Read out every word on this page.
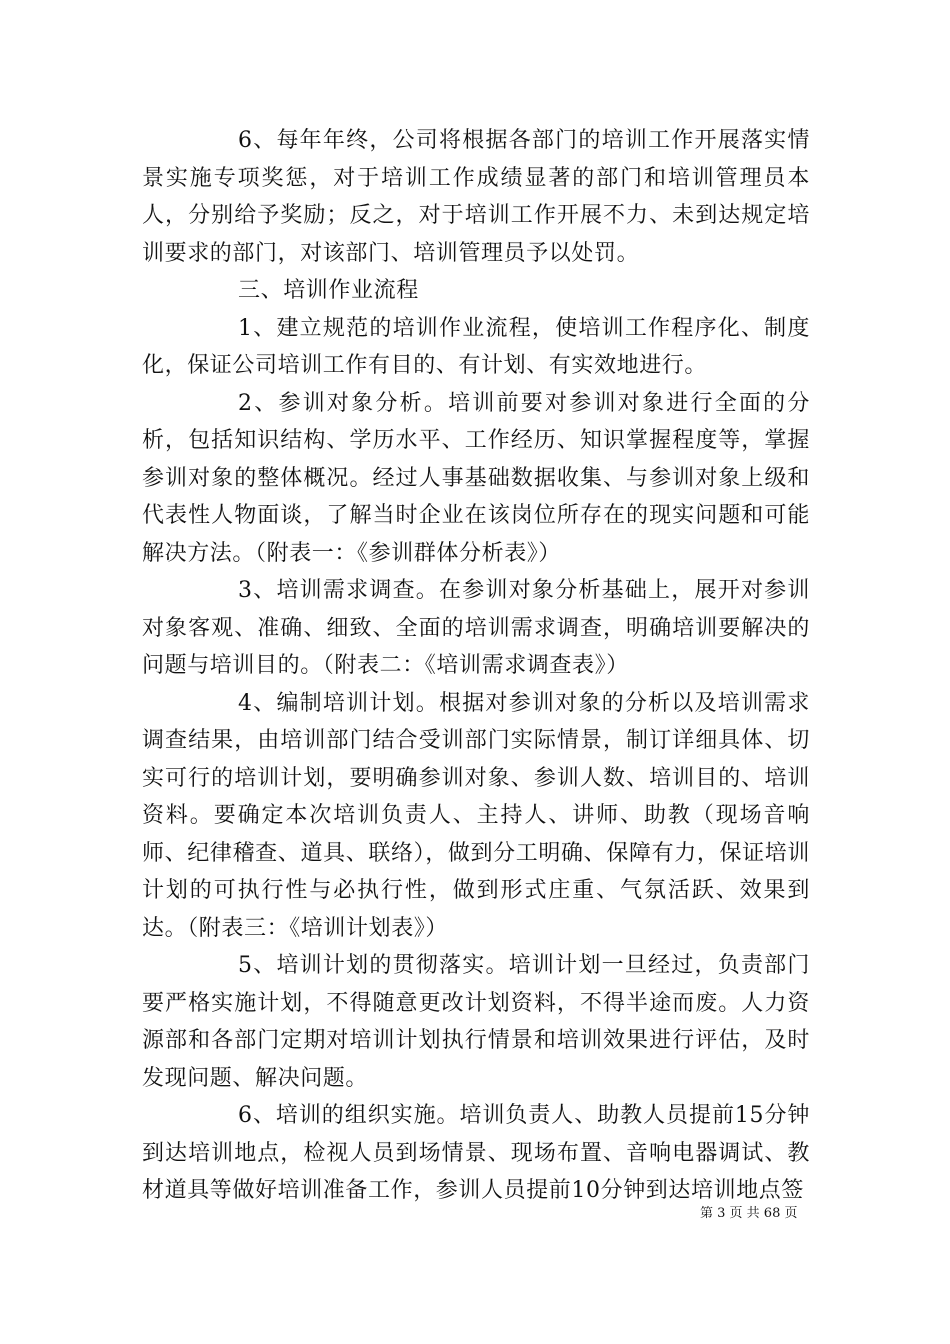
6、每年年终，公司将根据各部门的培训工作开展落实情景实施专项奖惩，对于培训工作成绩显著的部门和培训管理员本人，分别给予奖励；反之，对于培训工作开展不力、未到达规定培训要求的部门，对该部门、培训管理员予以处罚。

三、培训作业流程

1、建立规范的培训作业流程，使培训工作程序化、制度化，保证公司培训工作有目的、有计划、有实效地进行。

2、参训对象分析。培训前要对参训对象进行全面的分析，包括知识结构、学历水平、工作经历、知识掌握程度等，掌握参训对象的整体概况。经过人事基础数据收集、与参训对象上级和代表性人物面谈，了解当时企业在该岗位所存在的现实问题和可能解决方法。（附表一：《参训群体分析表》）

3、培训需求调查。在参训对象分析基础上，展开对参训对象客观、准确、细致、全面的培训需求调查，明确培训要解决的问题与培训目的。（附表二：《培训需求调查表》）

4、编制培训计划。根据对参训对象的分析以及培训需求调查结果，由培训部门结合受训部门实际情景，制订详细具体、切实可行的培训计划，要明确参训对象、参训人数、培训目的、培训资料。要确定本次培训负责人、主持人、讲师、助教（现场音响师、纪律稽查、道具、联络），做到分工明确、保障有力，保证培训计划的可执行性与必执行性，做到形式庄重、气氛活跃、效果到达。（附表三：《培训计划表》）

5、培训计划的贯彻落实。培训计划一旦经过，负责部门要严格实施计划，不得随意更改计划资料，不得半途而废。人力资源部和各部门定期对培训计划执行情景和培训效果进行评估，及时发现问题、解决问题。

6、培训的组织实施。培训负责人、助教人员提前15分钟到达培训地点，检视人员到场情景、现场布置、音响电器调试、教材道具等做好培训准备工作，参训人员提前10分钟到达培训地点签

第 3 页 共 68 页
